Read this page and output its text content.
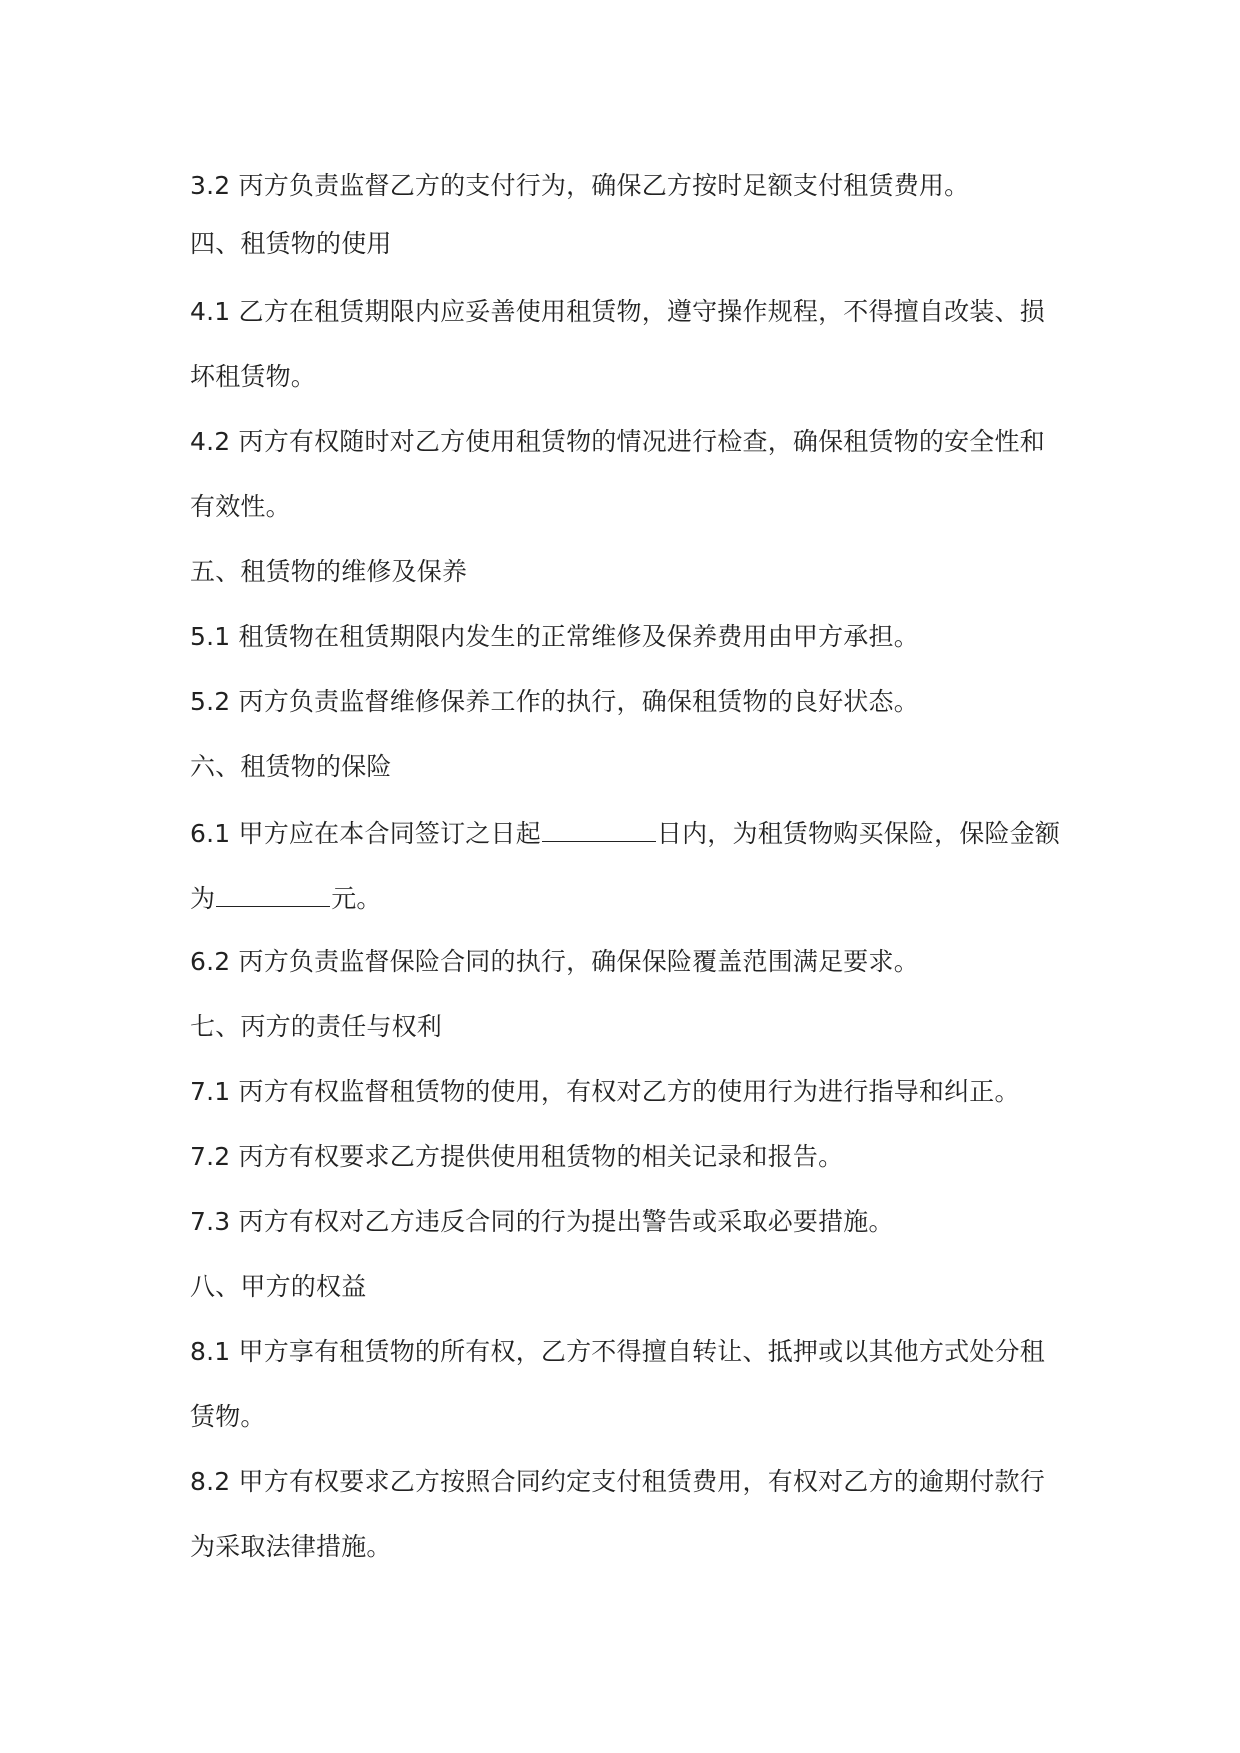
3.2 丙方负责监督乙方的支付行为，确保乙方按时足额支付租赁费用。
四、租赁物的使用
4.1 乙方在租赁期限内应妥善使用租赁物，遵守操作规程，不得擅自改装、损
坏租赁物。
4.2 丙方有权随时对乙方使用租赁物的情况进行检查，确保租赁物的安全性和
有效性。
五、租赁物的维修及保养
5.1 租赁物在租赁期限内发生的正常维修及保养费用由甲方承担。
5.2 丙方负责监督维修保养工作的执行，确保租赁物的良好状态。
六、租赁物的保险
6.1 甲方应在本合同签订之日起	日内，为租赁物购买保险，保险金额
为	元。
6.2 丙方负责监督保险合同的执行，确保保险覆盖范围满足要求。
七、丙方的责任与权利
7.1 丙方有权监督租赁物的使用，有权对乙方的使用行为进行指导和纠正。
7.2 丙方有权要求乙方提供使用租赁物的相关记录和报告。
7.3 丙方有权对乙方违反合同的行为提出警告或采取必要措施。
八、甲方的权益
8.1 甲方享有租赁物的所有权，乙方不得擅自转让、抵押或以其他方式处分租
赁物。
8.2 甲方有权要求乙方按照合同约定支付租赁费用，有权对乙方的逾期付款行
为采取法律措施。
